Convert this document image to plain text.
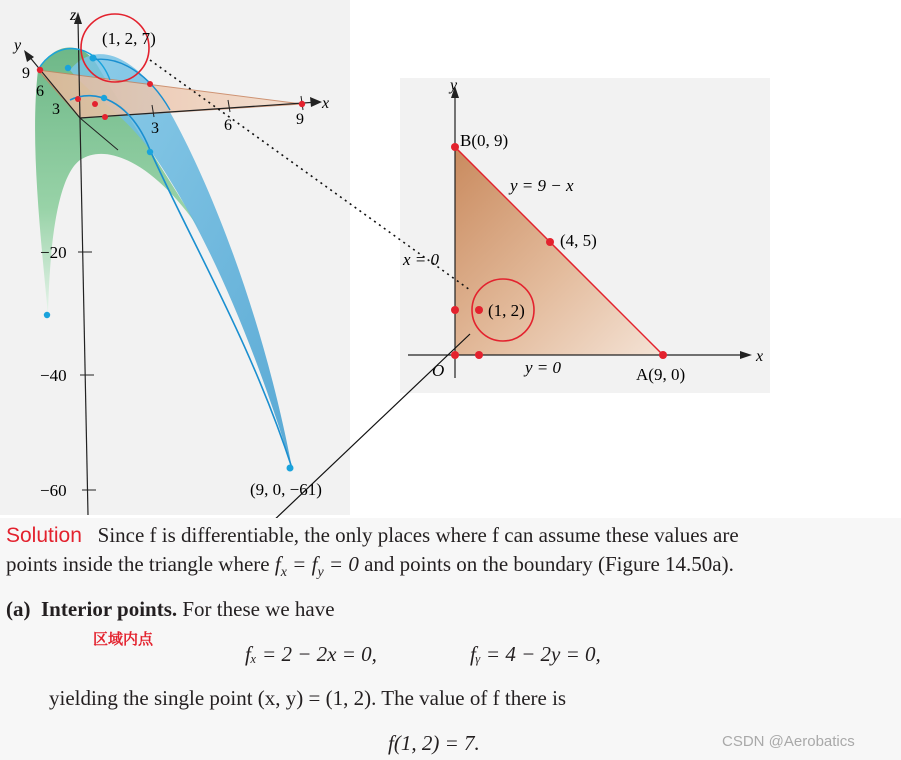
z
y
x
3	6	9
3
6
9
−20
−40
−60
(1, 2, 7)
(9, 0, −61)
y
x
B(0, 9)
A(9, 0)
O
y = 9 − x
x = 0
y = 0
(4, 5)
(1, 2)
Solution Since f is differentiable, the only places where f can assume these values are
points inside the triangle where $f_x = f_y = 0$ and points on the boundary (Figure 14.50a).
(a) Interior points. For these we have
区域内点
fₓ = 2 − 2x = 0,	fᵧ = 4 − 2y = 0,
yielding the single point (x, y) = (1, 2). The value of f there is
f(1, 2) = 7.	CSDN @Aerobatics
